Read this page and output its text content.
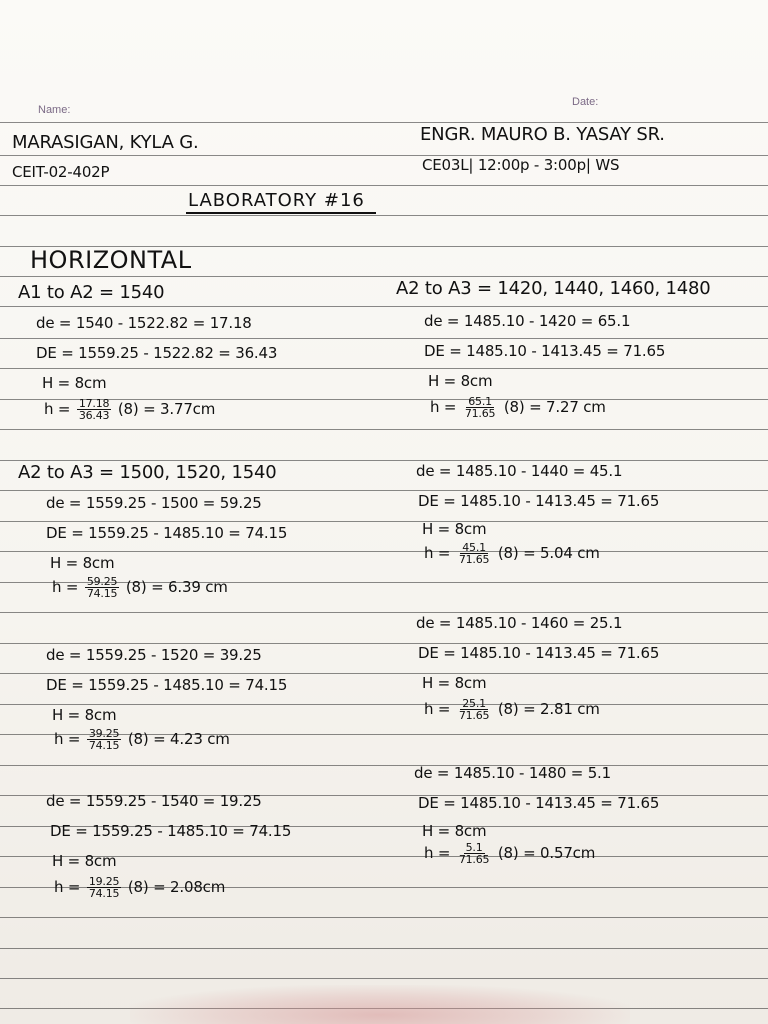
Name:
Date:
MARASIGAN, KYLA G.
CEIT-02-402P
ENGR. MAURO B. YASAY SR.
CE03L| 12:00p - 3:00p| WS
LABORATORY #16
HORIZONTAL
A1 to A2 = 1540
de = 1540 - 1522.82 = 17.18
DE = 1559.25 - 1522.82 = 36.43
H = 8cm
$h = \frac{17.18}{36.43} (8) = 3.77cm$
A2 to A3 = 1500, 1520, 1540
de = 1559.25 - 1500 = 59.25
DE = 1559.25 - 1485.10 = 74.15
H = 8cm
$h = \frac{59.25}{74.15} (8) = 6.39$ cm
de = 1559.25 - 1520 = 39.25
DE = 1559.25 - 1485.10 = 74.15
H = 8cm
$h = \frac{39.25}{74.15} (8) = 4.23$ cm
de = 1559.25 - 1540 = 19.25
DE = 1559.25 - 1485.10 = 74.15
H = 8cm
$h = \frac{19.25}{74.15} (8) = 2.08cm$
A2 to A3 = 1420, 1440, 1460, 1480
de = 1485.10 - 1420 = 65.1
DE = 1485.10 - 1413.45 = 71.65
H = 8cm
$h = \frac{65.1}{71.65} (8) = 7.27$ cm
de = 1485.10 - 1440 = 45.1
DE = 1485.10 - 1413.45 = 71.65
H = 8cm
$h = \frac{45.1}{71.65} (8) = 5.04$ cm
de = 1485.10 - 1460 = 25.1
DE = 1485.10 - 1413.45 = 71.65
H = 8cm
$h = \frac{25.1}{71.65} (8) = 2.81$ cm
de = 1485.10 - 1480 = 5.1
DE = 1485.10 - 1413.45 = 71.65
H = 8cm
$h = \frac{5.1}{71.65} (8) = 0.57cm$
